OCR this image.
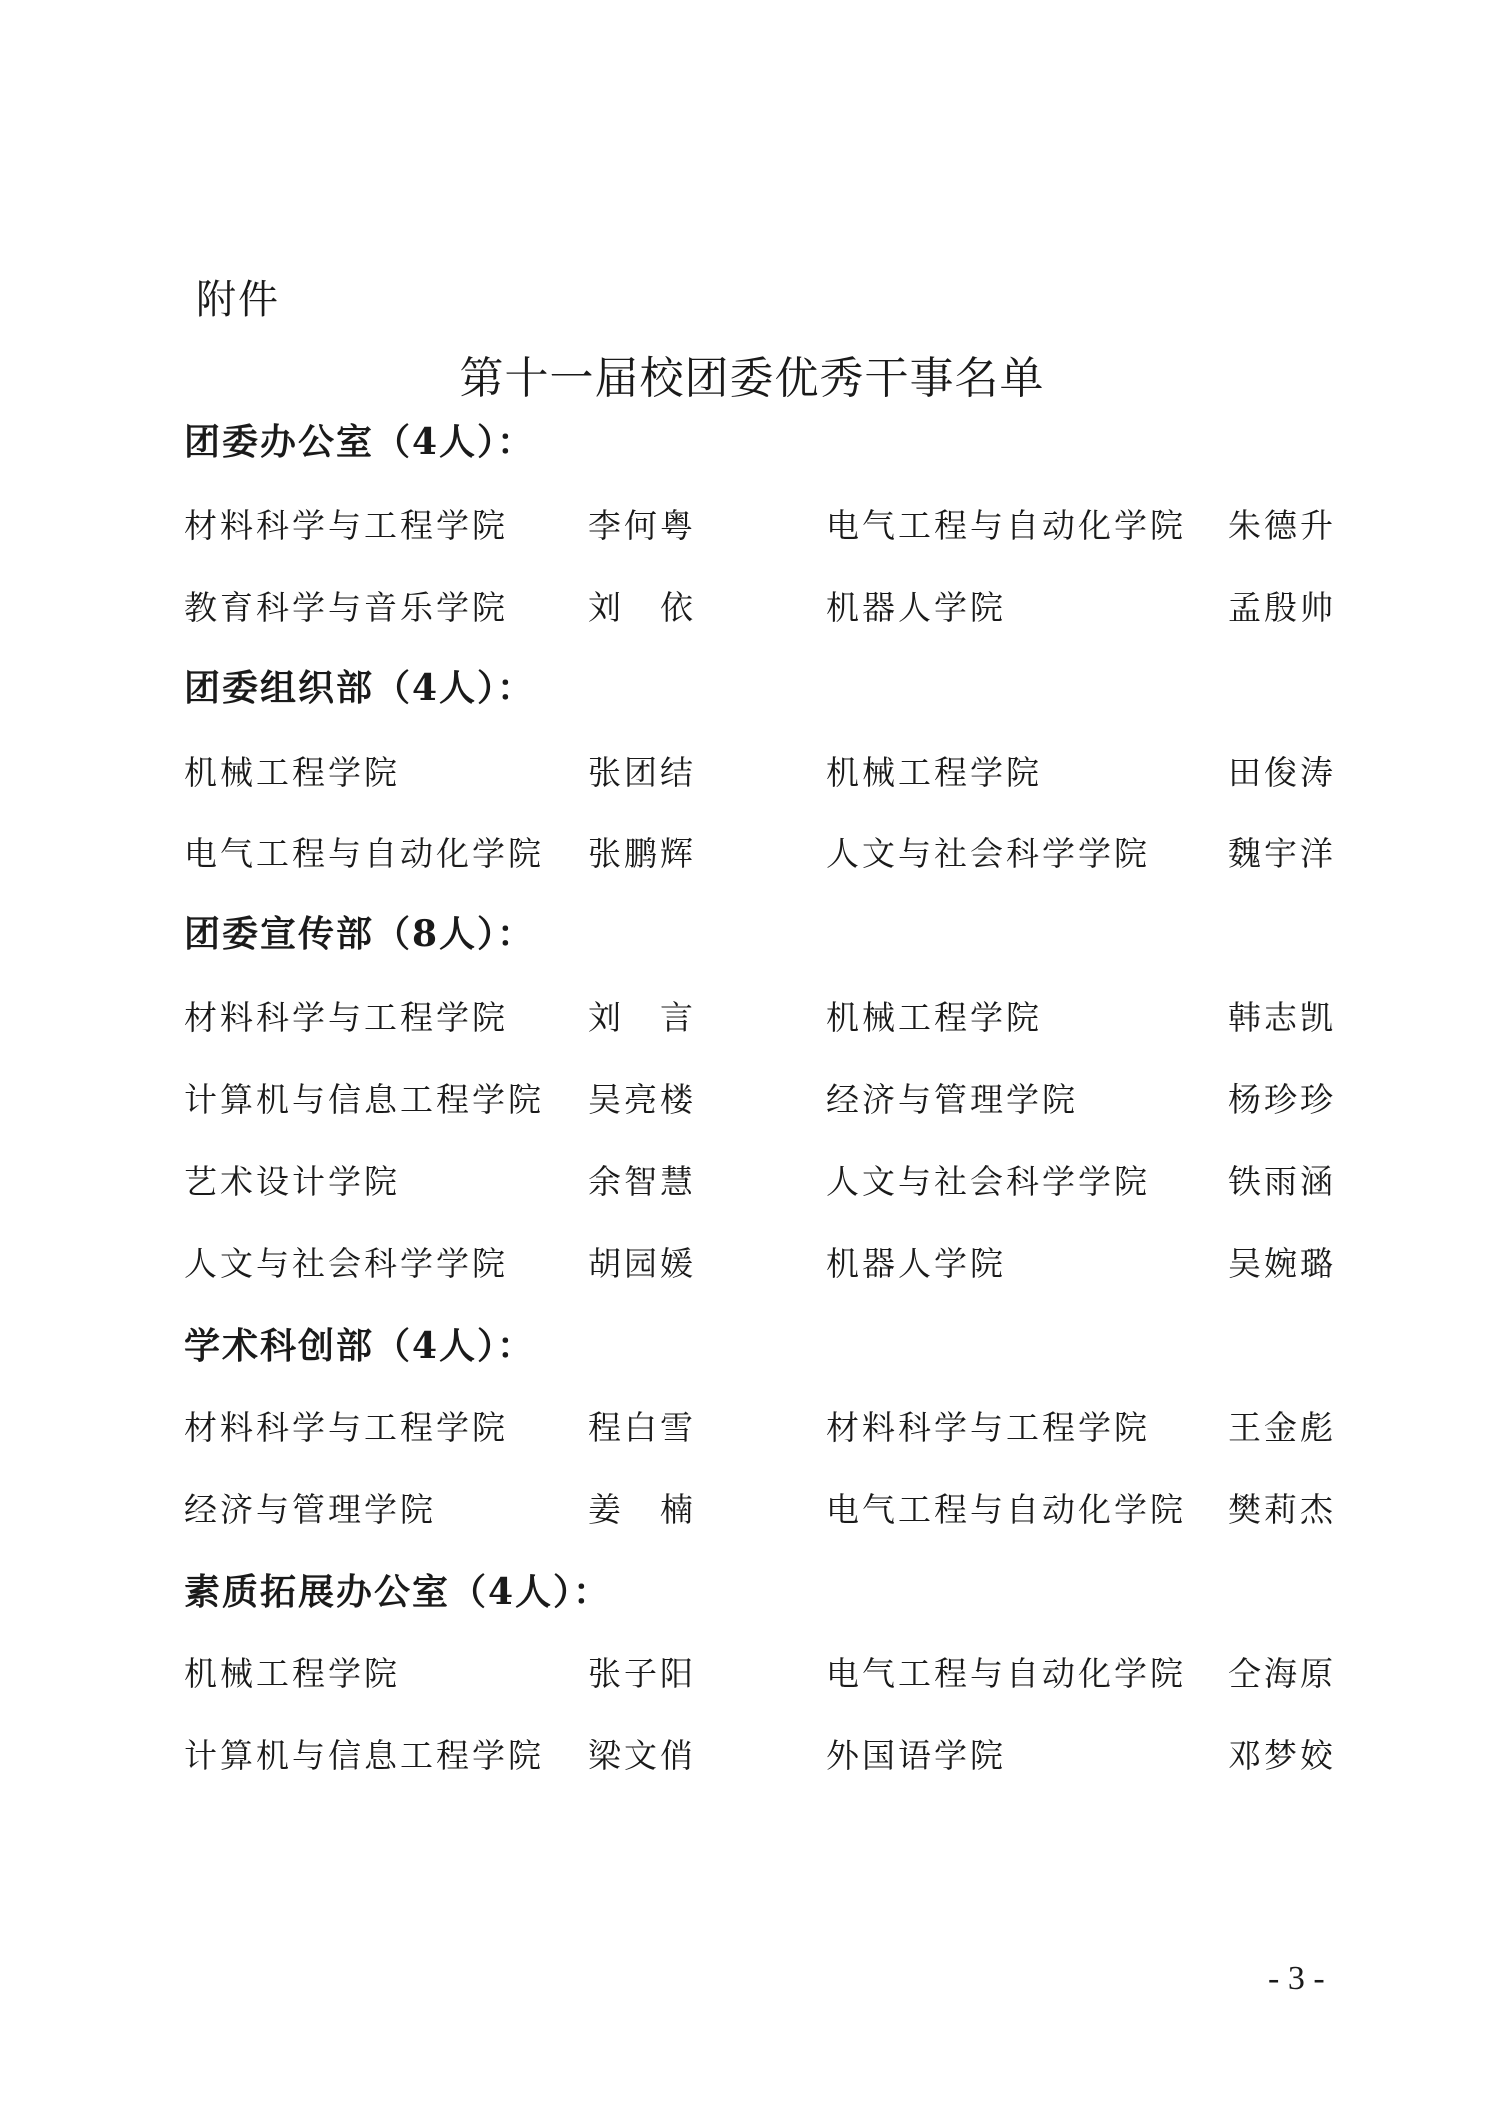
附件
第十一届校团委优秀干事名单
团委办公室（4人）：
材料科学与工程学院 李何粤	电气工程与自动化学院 朱德升
教育科学与音乐学院 刘　依	机器人学院	孟殷帅
团委组织部（4人）：
机械工程学院	张团结	机械工程学院	田俊涛
电气工程与自动化学院 张鹏辉	人文与社会科学学院 魏宇洋
团委宣传部（8人）：
材料科学与工程学院 刘　言	机械工程学院	韩志凯
计算机与信息工程学院 吴亮楼	经济与管理学院	杨珍珍
艺术设计学院	余智慧	人文与社会科学学院 铁雨涵
人文与社会科学学院 胡园媛	机器人学院	吴婉璐
学术科创部（4人）：
材料科学与工程学院 程白雪	材料科学与工程学院 王金彪
经济与管理学院	姜　楠	电气工程与自动化学院 樊莉杰
素质拓展办公室（4人）：
机械工程学院	张子阳	电气工程与自动化学院 仝海原
计算机与信息工程学院 梁文俏	外国语学院	邓梦姣
- 3 -
